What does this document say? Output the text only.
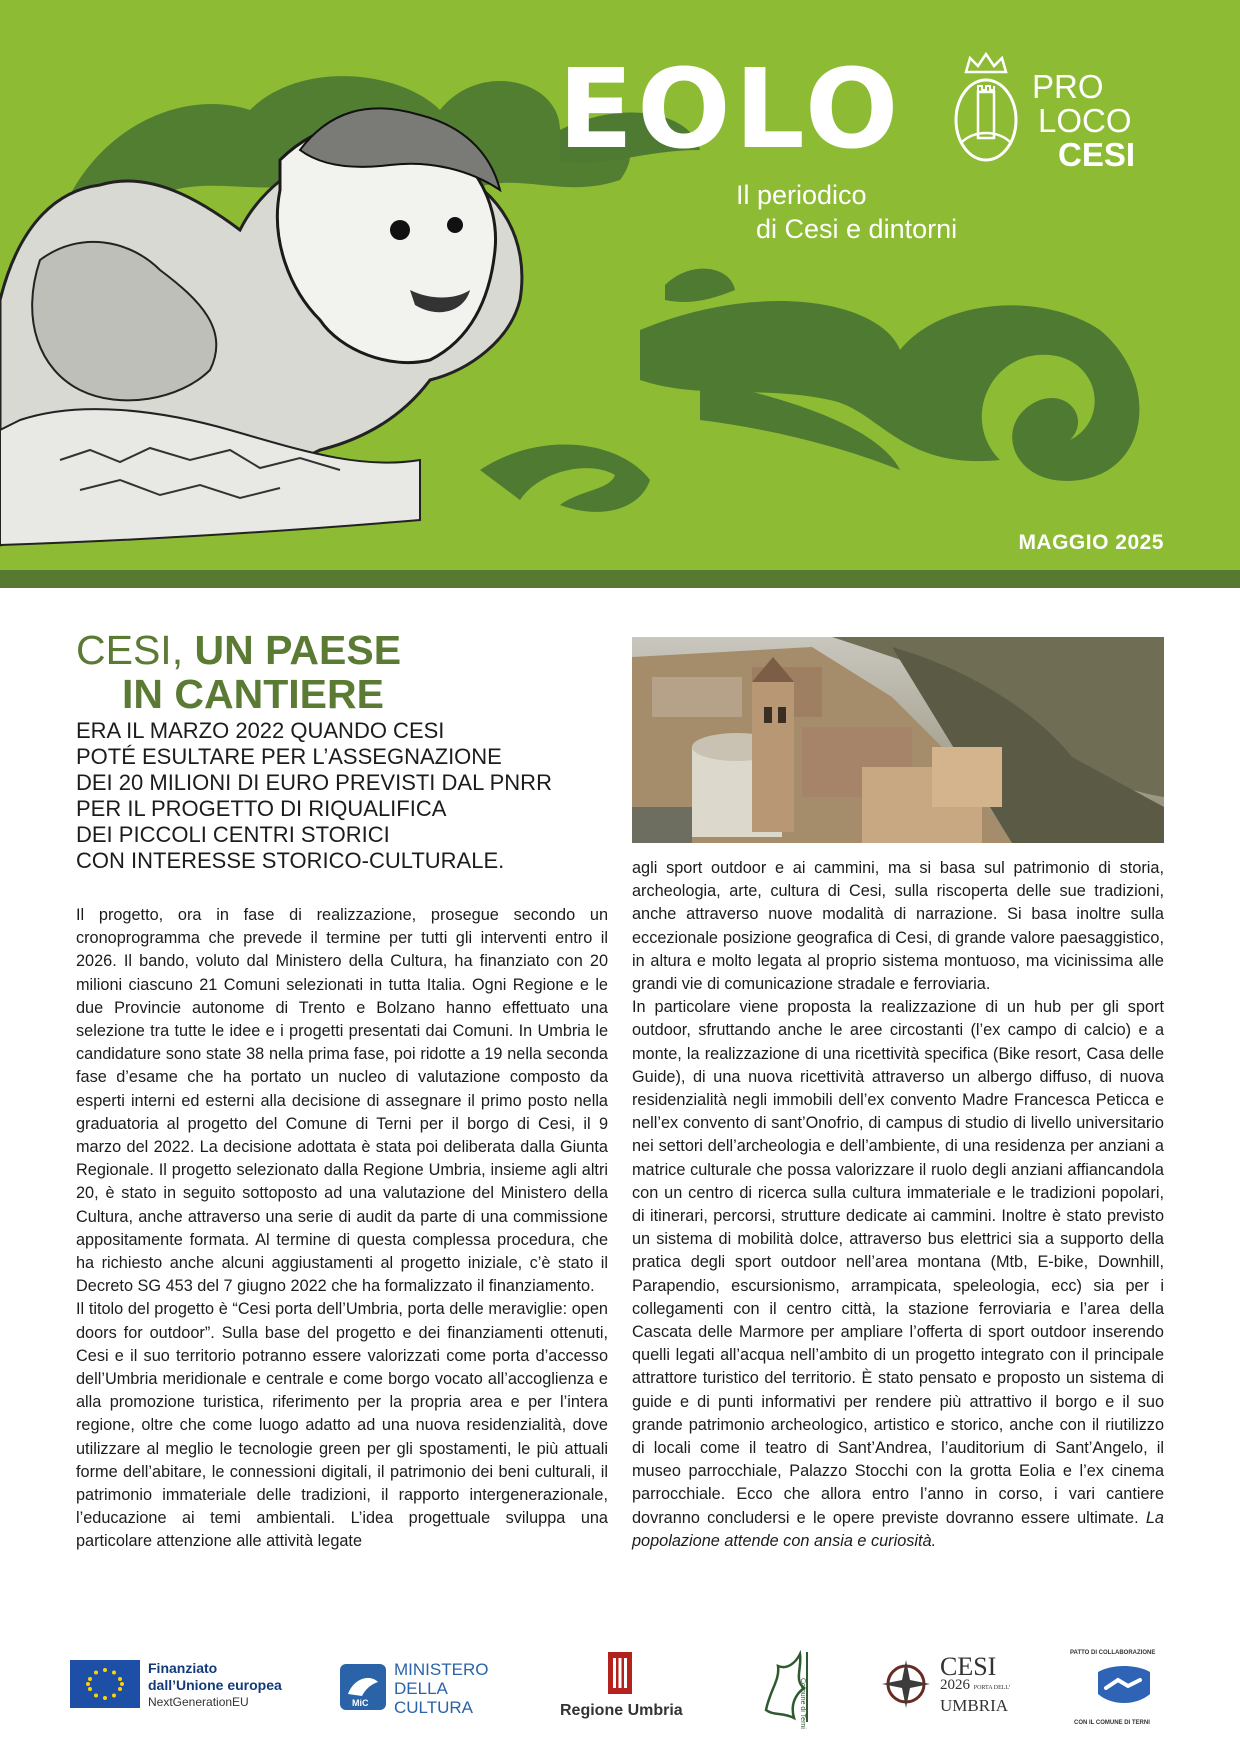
EOLO	PRO
LOCO
CESI
Il periodico
di Cesi e dintorni
MAGGIO 2025
CESI, UN PAESE
IN CANTIERE
ERA IL MARZO 2022 QUANDO CESI
POTÉ ESULTARE PER L’ASSEGNAZIONE
DEI 20 MILIONI DI EURO PREVISTI DAL PNRR
PER IL PROGETTO DI RIQUALIFICA
DEI PICCOLI CENTRI STORICI
CON INTERESSE STORICO-CULTURALE.

Il progetto, ora in fase di realizzazione, prosegue secondo un cronoprogramma che prevede il termine per tutti gli interventi entro il 2026. Il bando, voluto dal Ministero della Cultura, ha finanziato con 20 milioni ciascuno 21 Comuni selezionati in tutta Italia. Ogni Regione e le due Provincie autonome di Trento e Bolzano hanno effettuato una selezione tra tutte le idee e i progetti presentati dai Comuni. In Umbria le candidature sono state 38 nella prima fase, poi ridotte a 19 nella seconda fase d’esame che ha portato un nucleo di valutazione composto da esperti interni ed esterni alla decisione di assegnare il primo posto nella graduatoria al progetto del Comune di Terni per il borgo di Cesi, il 9 marzo del 2022. La decisione adottata è stata poi deliberata dalla Giunta Regionale. Il progetto selezionato dalla Regione Umbria, insieme agli altri 20, è stato in seguito sottoposto ad una valutazione del Ministero della Cultura, anche attraverso una serie di audit da parte di una commissione appositamente formata. Al termine di questa complessa procedura, che ha richiesto anche alcuni aggiustamenti al progetto iniziale, c’è stato il Decreto SG 453 del 7 giugno 2022 che ha formalizzato il finanziamento.

Il titolo del progetto è “Cesi porta dell’Umbria, porta delle meraviglie: open doors for outdoor”. Sulla base del progetto e dei finanziamenti ottenuti, Cesi e il suo territorio potranno essere valorizzati come porta d’accesso dell’Umbria meridionale e centrale e come borgo vocato all’accoglienza e alla promozione turistica, riferimento per la propria area e per l’intera regione, oltre che come luogo adatto ad una nuova residenzialità, dove utilizzare al meglio le tecnologie green per gli spostamenti, le più attuali forme dell’abitare, le connessioni digitali, il patrimonio dei beni culturali, il patrimonio immateriale delle tradizioni, il rapporto intergenerazionale, l’educazione ai temi ambientali. L’idea progettuale sviluppa una particolare attenzione alle attività legate

agli sport outdoor e ai cammini, ma si basa sul patrimonio di storia, archeologia, arte, cultura di Cesi, sulla riscoperta delle sue tradizioni, anche attraverso nuove modalità di narrazione. Si basa inoltre sulla eccezionale posizione geografica di Cesi, di grande valore paesaggistico, in altura e molto legata al proprio sistema montuoso, ma vicinissima alle grandi vie di comunicazione stradale e ferroviaria.

In particolare viene proposta la realizzazione di un hub per gli sport outdoor, sfruttando anche le aree circostanti (l’ex campo di calcio) e a monte, la realizzazione di una ricettività specifica (Bike resort, Casa delle Guide), di una nuova ricettività attraverso un albergo diffuso, di nuova residenzialità negli immobili dell’ex convento Madre Francesca Peticca e nell’ex convento di sant’Onofrio, di campus di studio di livello universitario nei settori dell’archeologia e dell’ambiente, di una residenza per anziani a matrice culturale che possa valorizzare il ruolo degli anziani affiancandola con un centro di ricerca sulla cultura immateriale e le tradizioni popolari, di itinerari, percorsi, strutture dedicate ai cammini. Inoltre è stato previsto un sistema di mobilità dolce, attraverso bus elettrici sia a supporto della pratica degli sport outdoor nell’area montana (Mtb, E-bike, Downhill, Parapendio, escursionismo, arrampicata, speleologia, ecc) sia per i collegamenti con il centro città, la stazione ferroviaria e l’area della Cascata delle Marmore per ampliare l’offerta di sport outdoor inserendo quelli legati all’acqua nell’ambito di un progetto integrato con il principale attrattore turistico del territorio. È stato pensato e proposto un sistema di guide e di punti informativi per rendere più attrattivo il borgo e il suo grande patrimonio archeologico, artistico e storico, anche con il riutilizzo di locali come il teatro di Sant’Andrea, l’auditorium di Sant’Angelo, il museo parrocchiale, Palazzo Stocchi con la grotta Eolia e l’ex cinema parrocchiale. Ecco che allora entro l’anno in corso, i vari cantiere dovranno concludersi e le opere previste dovranno essere ultimate. La popolazione attende con ansia e curiosità.

Finanziato
dall’Unione europea
NextGenerationEU	MiC
MINISTERO
DELLA
CULTURA	Regione Umbria	Comune di Terni
CESI
2026 PORTA DELL’
UMBRIA
PATTO DI COLLABORAZIONE
CON IL COMUNE DI TERNI
